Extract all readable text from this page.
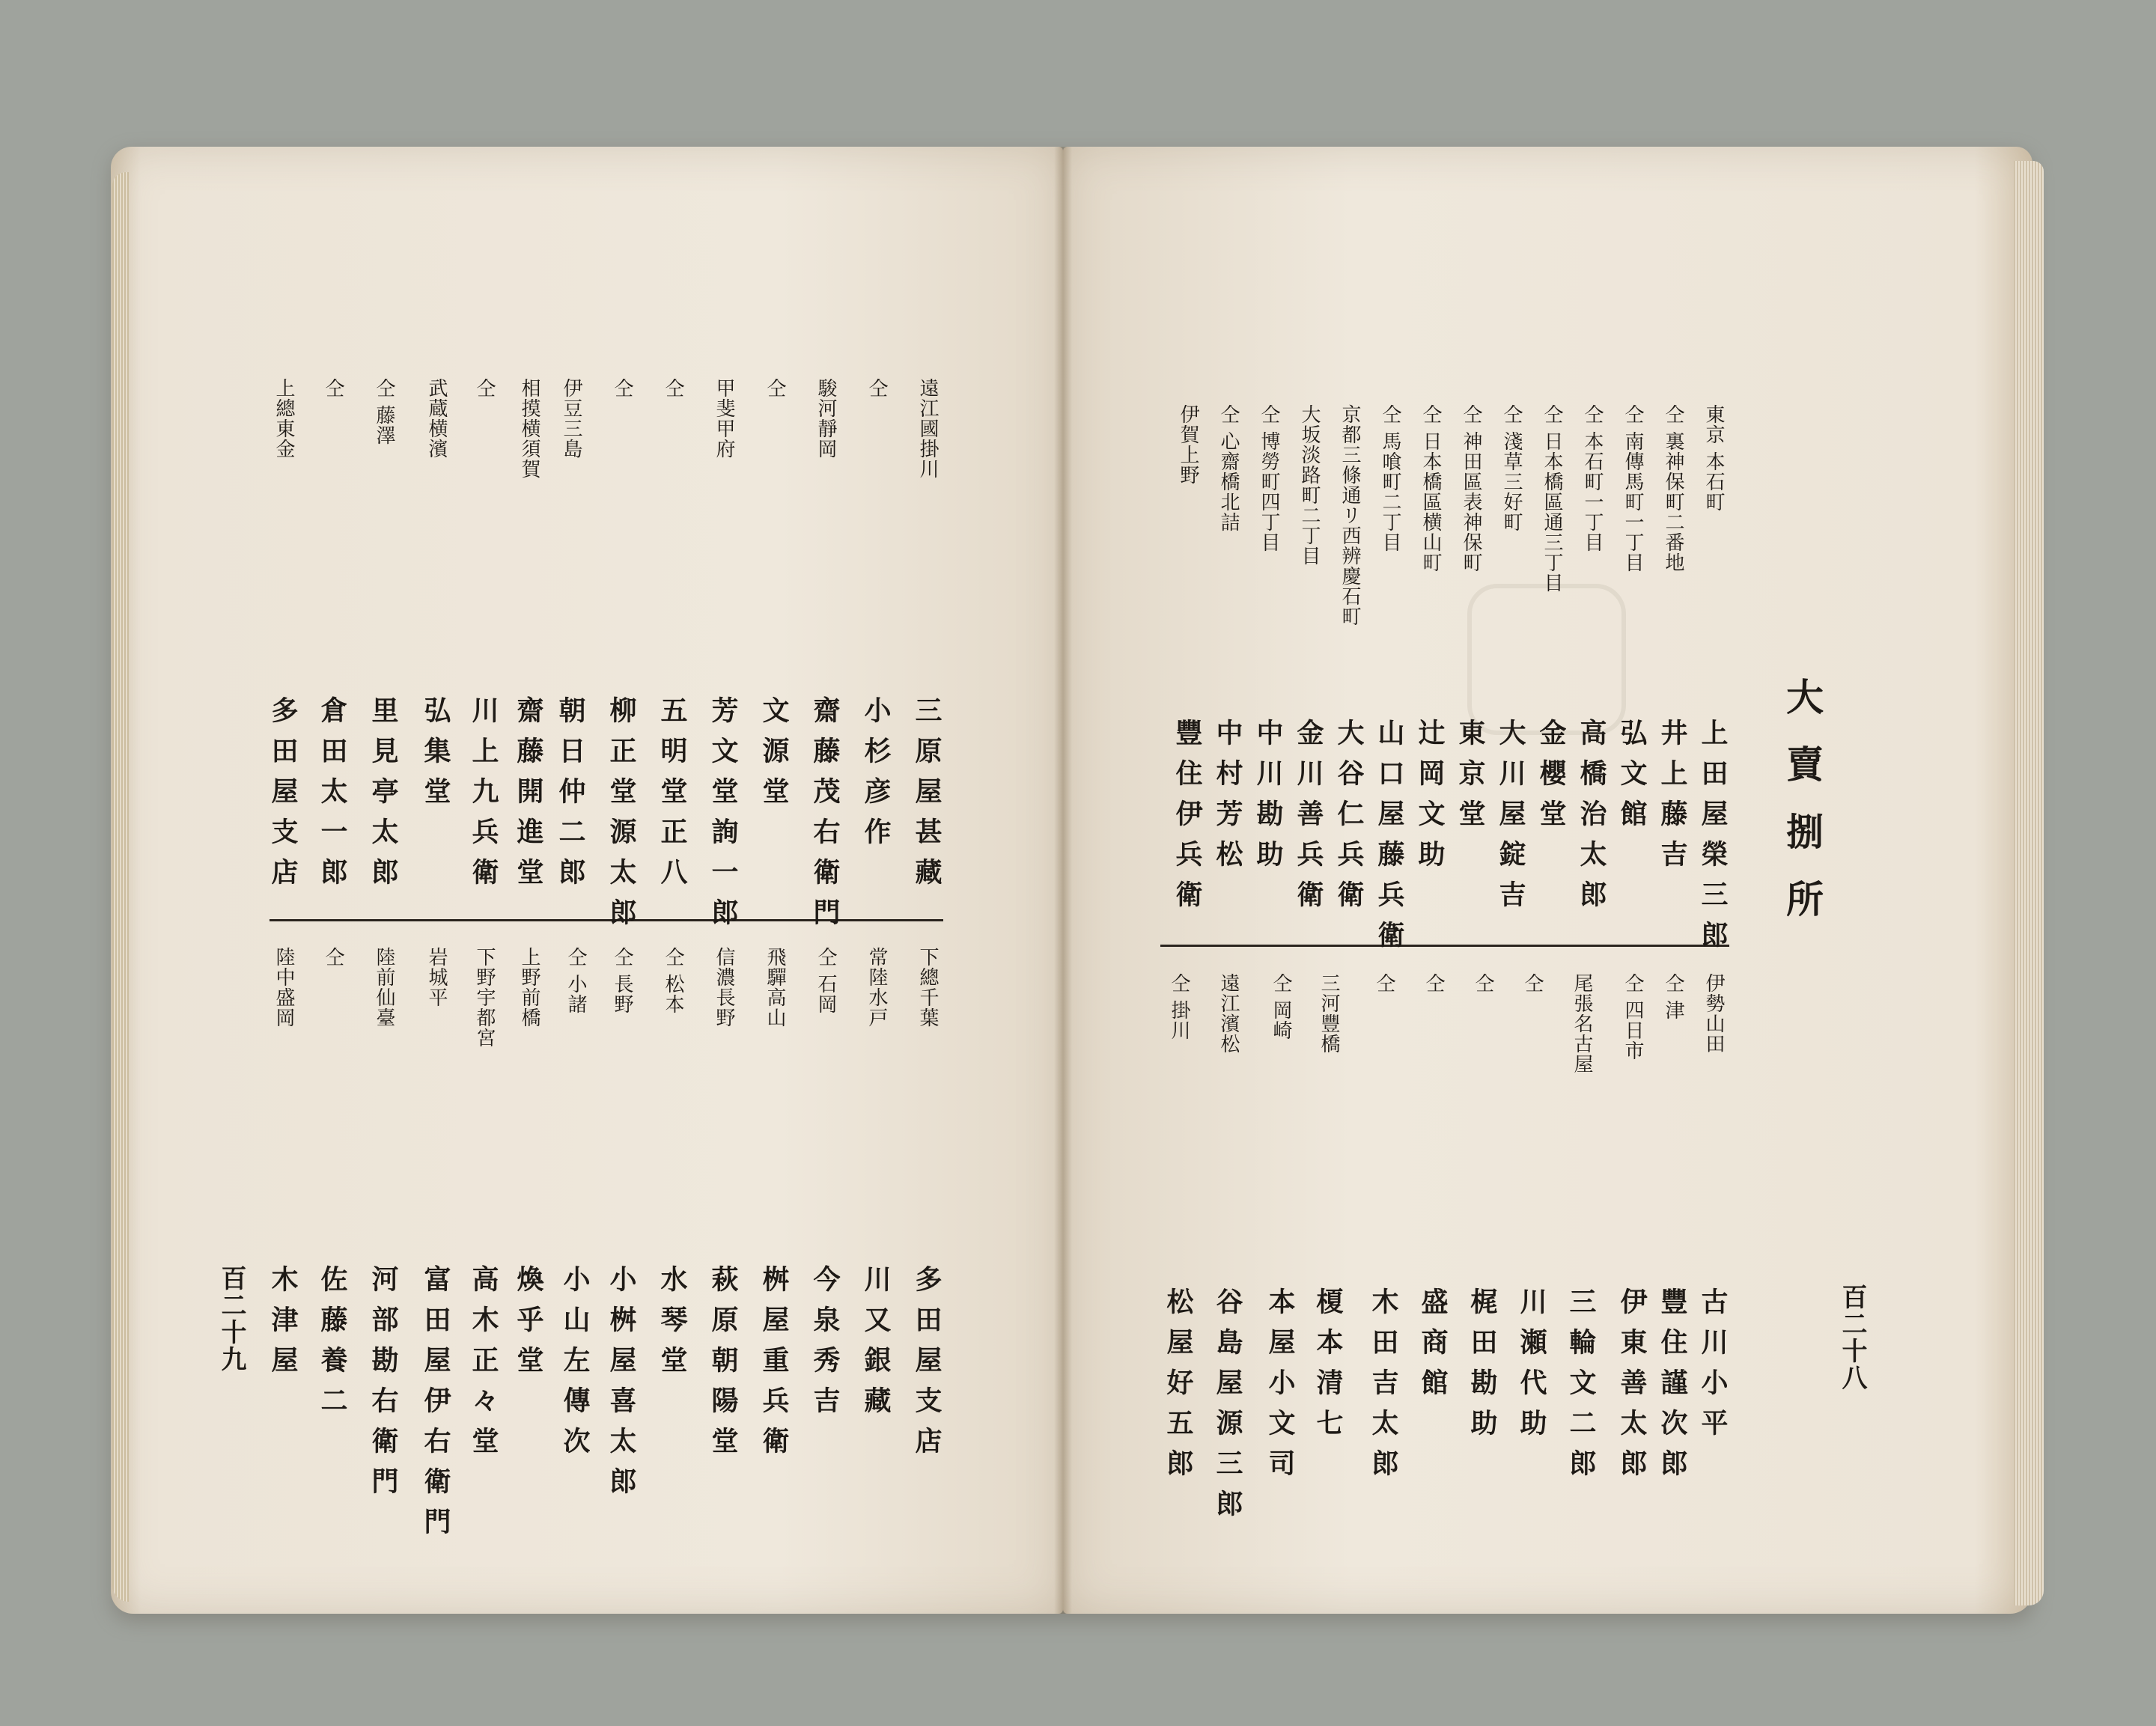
大賣捌所
百二十八
東京 本石町
上田屋榮三郎
仝 裏神保町二番地
井上藤吉
仝 南傳馬町一丁目
弘文館
仝 本石町一丁目
高橋治太郎
仝 日本橋區通三丁目
金櫻堂
仝 淺草三好町
大川屋錠吉
仝 神田區表神保町
東京堂
仝 日本橋區横山町
辻岡文助
仝 馬喰町二丁目
山口屋藤兵衛
京都三條通リ西辨慶石町
大谷仁兵衛
大坂淡路町二丁目
金川善兵衛
仝 博勞町四丁目
中川勘助
仝 心齋橋北詰
中村芳松
伊賀上野
豐住伊兵衛
伊勢山田
古川小平
仝 津
豐住謹次郎
仝 四日市
伊東善太郎
尾張名古屋
三輪文二郎
仝
川瀬代助
仝
梶田勘助
仝
盛商館
仝
木田吉太郎
三河豐橋
榎本清七
仝 岡崎
本屋小文司
遠江濱松
谷島屋源三郎
仝 掛川
松屋好五郎
百二十九
遠江國掛川
三原屋甚藏
仝
小杉彦作
駿河靜岡
齋藤茂右衛門
仝
文源堂
甲斐甲府
芳文堂詢一郎
仝
五明堂正八
仝
柳正堂源太郎
伊豆三島
朝日仲二郎
相摸横須賀
齋藤開進堂
仝
川上九兵衛
武蔵横濱
弘集堂
仝 藤澤
里見亭太郎
仝
倉田太一郎
上總東金
多田屋支店
下總千葉
多田屋支店
常陸水戸
川又銀藏
仝 石岡
今泉秀吉
飛驒高山
桝屋重兵衛
信濃長野
萩原朝陽堂
仝 松本
水琴堂
仝 長野
小桝屋喜太郎
仝 小諸
小山左傳次
上野前橋
煥乎堂
下野宇都宮
高木正々堂
岩城平
富田屋伊右衛門
陸前仙臺
河部勘右衛門
仝
佐藤養二
陸中盛岡
木津屋
